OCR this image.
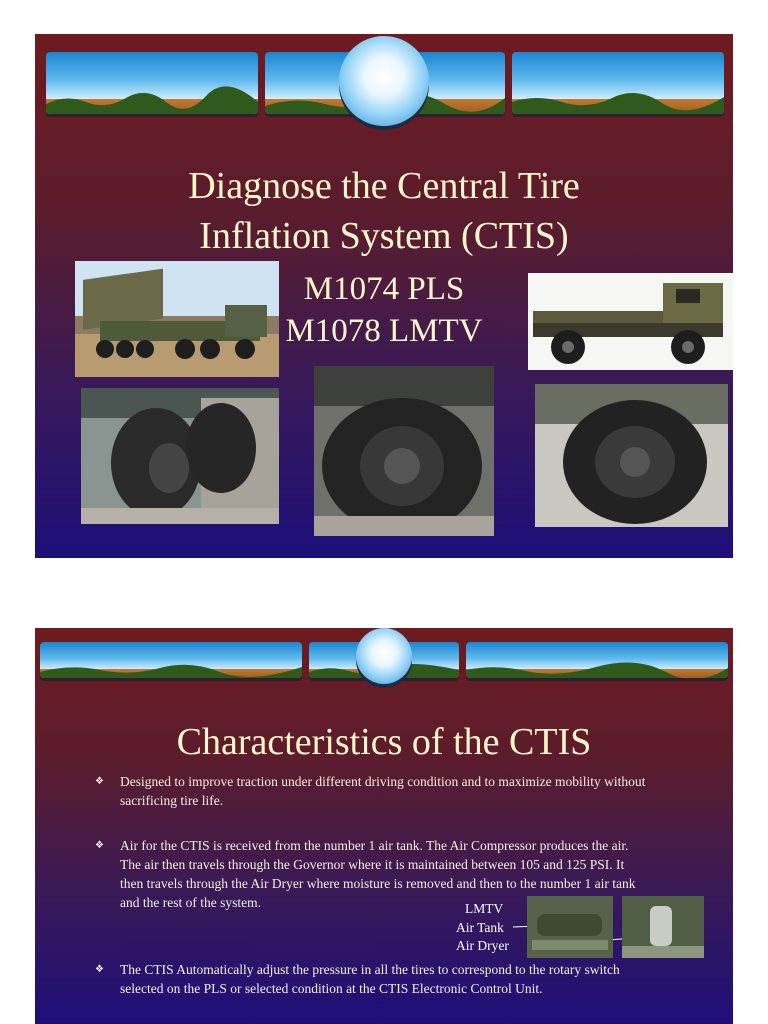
Diagnose the Central Tire
Inflation System (CTIS)
M1074 PLS
M1078 LMTV
Characteristics of the CTIS
❖	Designed to improve traction under different driving condition and to maximize mobility without sacrificing tire life.
❖	Air for the CTIS is received from the number 1 air tank. The Air Compressor produces the air. The air then travels through the Governor where it is maintained between 105 and 125 PSI. It then travels through the Air Dryer where moisture is removed and then to the number 1 air tank and the rest of the system.
❖	The CTIS Automatically adjust the pressure in all the tires to correspond to the rotary switch selected on the PLS or selected condition at the CTIS Electronic Control Unit.
LMTV
Air Tank
Air Dryer
